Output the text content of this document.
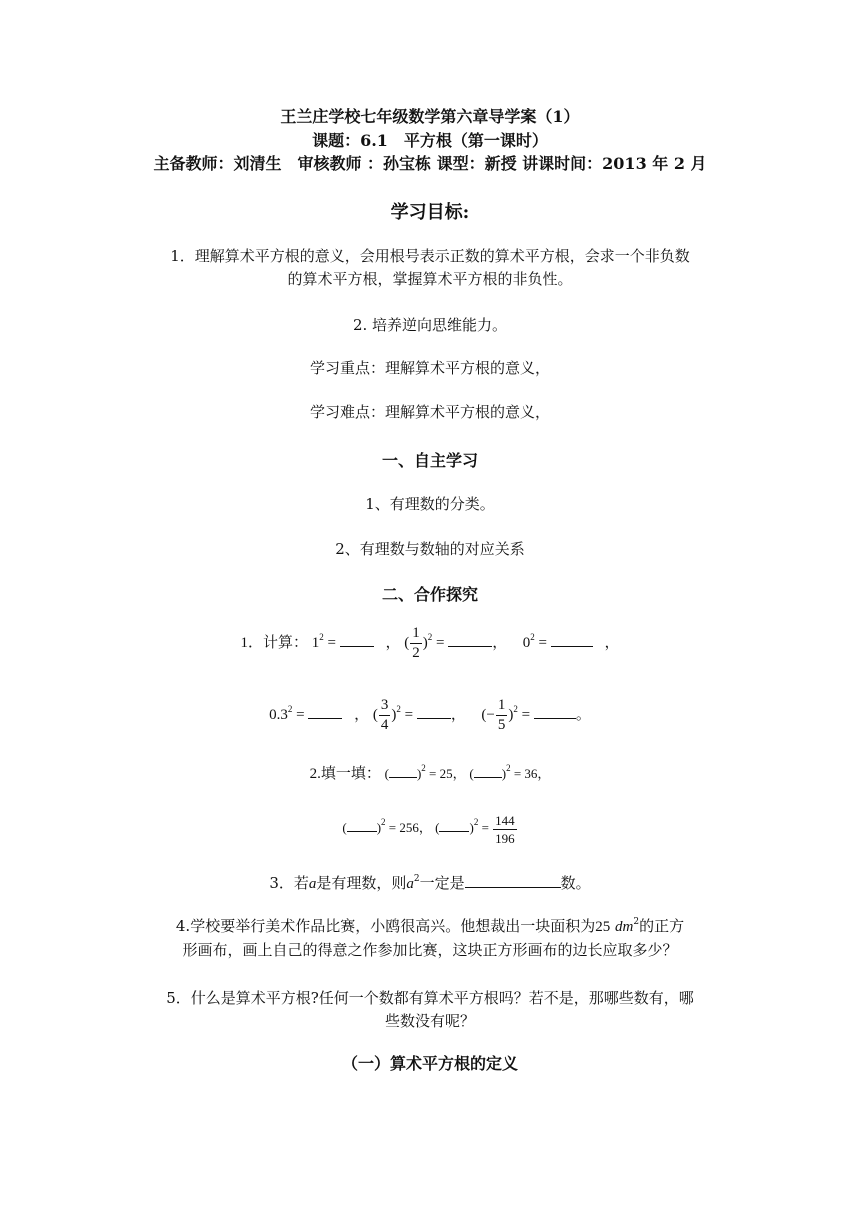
王兰庄学校七年级数学第六章导学案（1）
课题：6.1　平方根（第一课时）
主备教师：刘清生　审核教师 ：孙宝栋 课型：新授 讲课时间：2013 年 2 月
学习目标:
1．理解算术平方根的意义，会用根号表示正数的算术平方根，会求一个非负数
的算术平方根，掌握算术平方根的非负性。
2. 培养逆向思维能力。
学习重点：理解算术平方根的意义，
学习难点：理解算术平方根的意义，
一、自主学习
1、有理数的分类。
2、有理数与数轴的对应关系
二、合作探究
1．计算： $1^2$ =	， ( $\frac{1}{2} )^2$ =	，  $0^2$ =	，
$0.3^2$ =	， ( $\frac{3}{4} )^2$ = ，  (− $\frac{1}{5} )^2$ =	。
2.填一填： ( )$^2$ = 25， ( )$^2$ = 36，
( )$^2$ = 256， ( )$^2 = \frac{144}{196}$
3．若a是有理数，则$a^2$一定是	数。
4.学校要举行美术作品比赛，小鸥很高兴。他想裁出一块面积为25 $dm^2$的正方
形画布，画上自己的得意之作参加比赛，这块正方形画布的边长应取多少？
5．什么是算术平方根?任何一个数都有算术平方根吗？若不是，那哪些数有，哪
些数没有呢？
（一）算术平方根的定义
